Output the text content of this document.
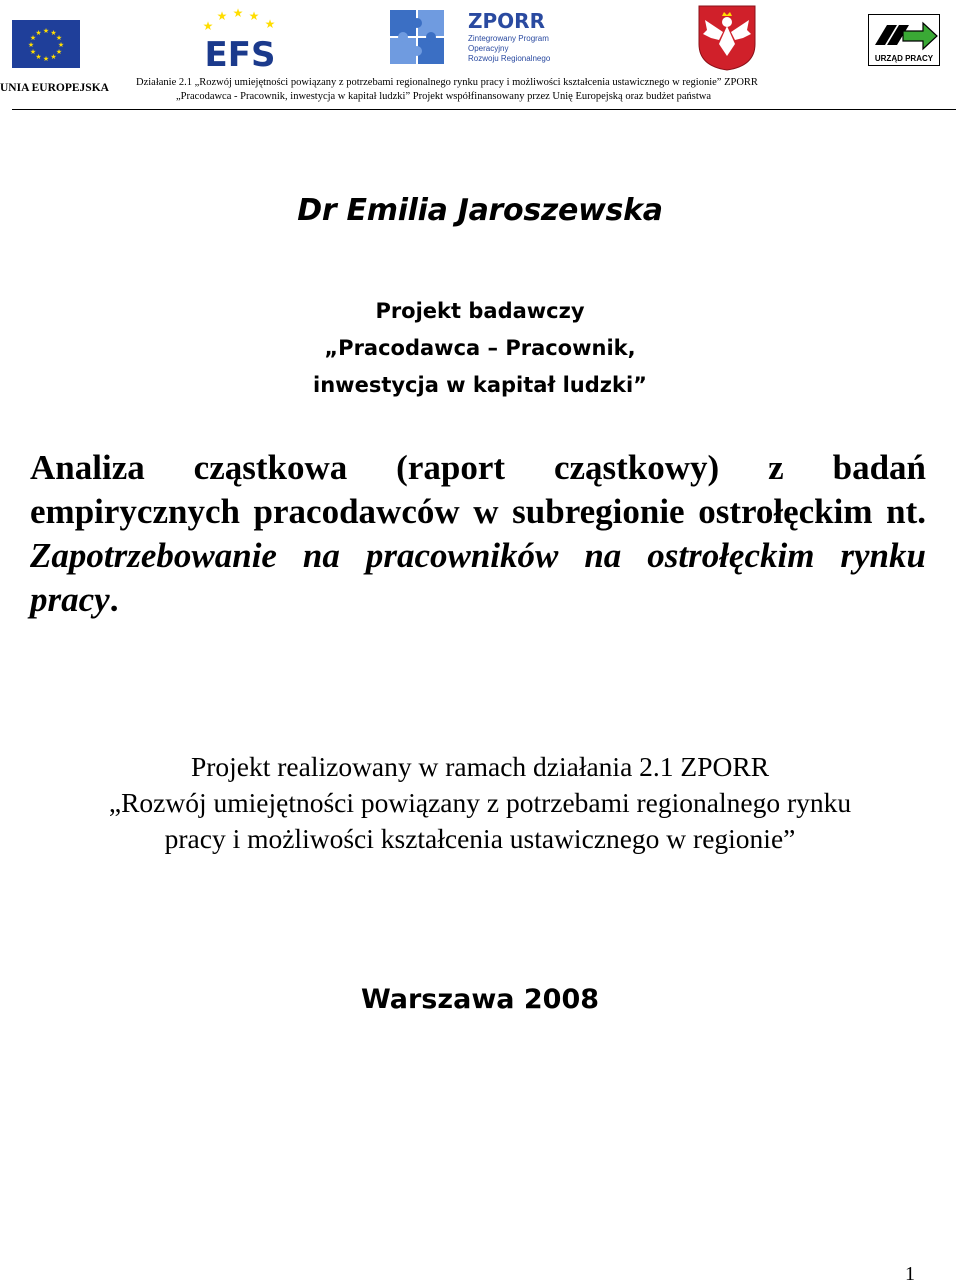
★ ★
★
★
★
★
★
★
★
★
★
★
UNIA EUROPEJSKA
★
★ ★ ★
★
EFS
ZPORR
Zintegrowany Program
Operacyjny
Rozwoju Regionalnego	URZĄD PRACY
Działanie 2.1 „Rozwój umiejętności powiązany z potrzebami regionalnego rynku pracy i możliwości kształcenia ustawicznego w regionie” ZPORR
„Pracodawca - Pracownik, inwestycja w kapitał ludzki” Projekt współfinansowany przez Unię Europejską oraz budżet państwa
Dr Emilia Jaroszewska
Projekt badawczy
„Pracodawca – Pracownik,
inwestycja w kapitał ludzki”
Analiza cząstkowa (raport cząstkowy) z badań empirycznych pracodawców w subregionie ostrołęckim nt. Zapotrzebowanie na pracowników na ostrołęckim rynku pracy.
Projekt realizowany w ramach działania 2.1 ZPORR
„Rozwój umiejętności powiązany z potrzebami regionalnego rynku
pracy i możliwości kształcenia ustawicznego w regionie”
Warszawa 2008
1
